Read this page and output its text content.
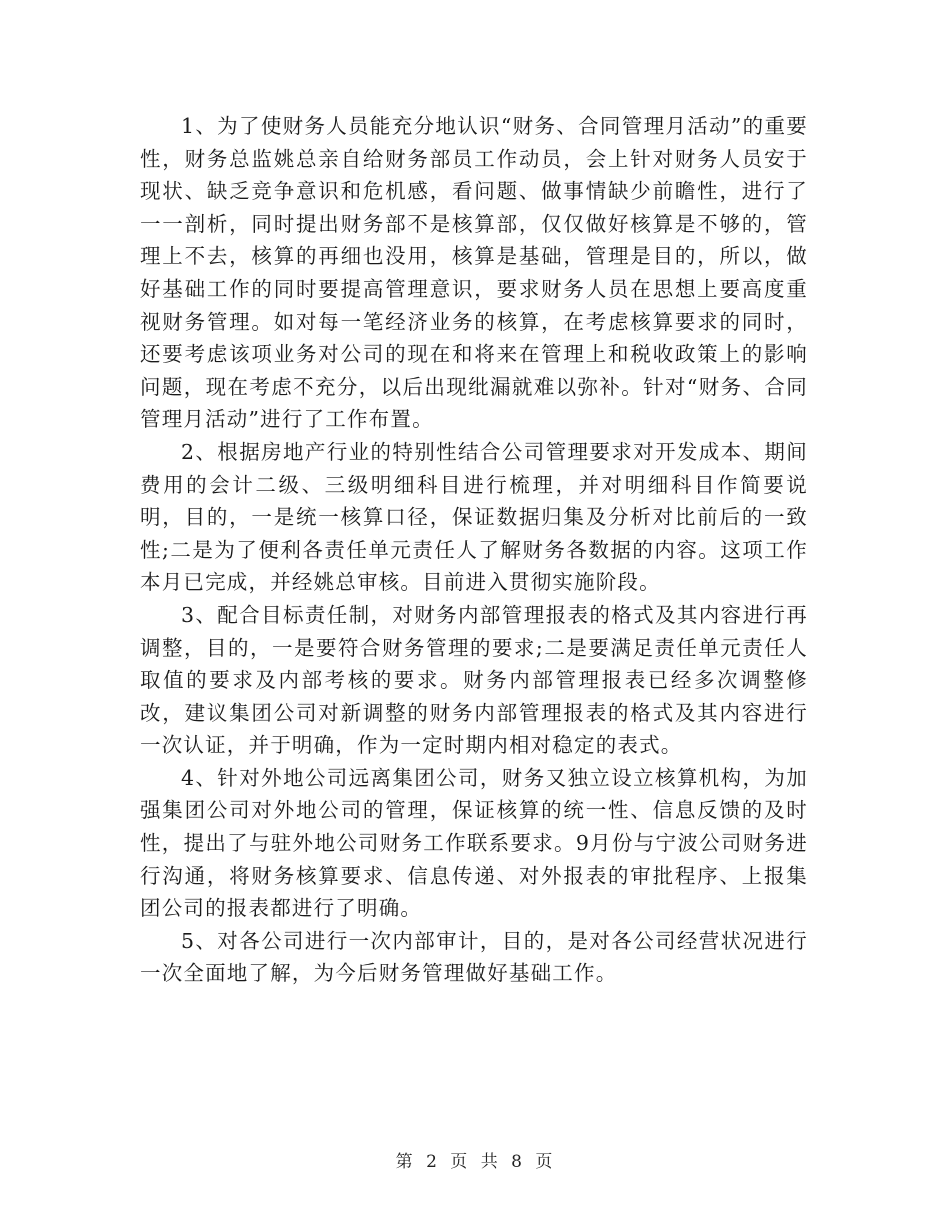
1、为了使财务人员能充分地认识“财务、合同管理月活动”的重要性，财务总监姚总亲自给财务部员工作动员，会上针对财务人员安于现状、缺乏竞争意识和危机感，看问题、做事情缺少前瞻性，进行了一一剖析，同时提出财务部不是核算部，仅仅做好核算是不够的，管理上不去，核算的再细也没用，核算是基础，管理是目的，所以，做好基础工作的同时要提高管理意识，要求财务人员在思想上要高度重视财务管理。如对每一笔经济业务的核算，在考虑核算要求的同时，还要考虑该项业务对公司的现在和将来在管理上和税收政策上的影响问题，现在考虑不充分，以后出现纰漏就难以弥补。针对“财务、合同管理月活动”进行了工作布置。

2、根据房地产行业的特别性结合公司管理要求对开发成本、期间费用的会计二级、三级明细科目进行梳理，并对明细科目作简要说明，目的，一是统一核算口径，保证数据归集及分析对比前后的一致性;二是为了便利各责任单元责任人了解财务各数据的内容。这项工作本月已完成，并经姚总审核。目前进入贯彻实施阶段。

3、配合目标责任制，对财务内部管理报表的格式及其内容进行再调整，目的，一是要符合财务管理的要求;二是要满足责任单元责任人取值的要求及内部考核的要求。财务内部管理报表已经多次调整修改，建议集团公司对新调整的财务内部管理报表的格式及其内容进行一次认证，并于明确，作为一定时期内相对稳定的表式。

4、针对外地公司远离集团公司，财务又独立设立核算机构，为加强集团公司对外地公司的管理，保证核算的统一性、信息反馈的及时性，提出了与驻外地公司财务工作联系要求。9月份与宁波公司财务进行沟通，将财务核算要求、信息传递、对外报表的审批程序、上报集团公司的报表都进行了明确。

5、对各公司进行一次内部审计，目的，是对各公司经营状况进行一次全面地了解，为今后财务管理做好基础工作。

第 2 页 共 8 页
